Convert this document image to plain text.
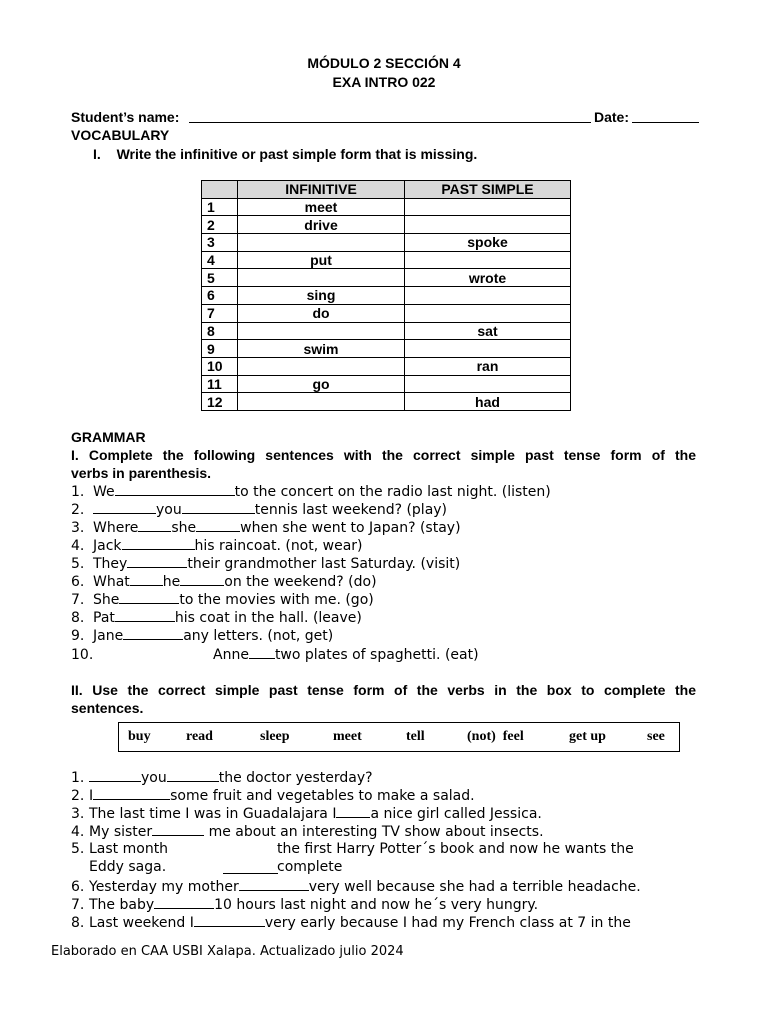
MÓDULO 2 SECCIÓN 4
EXA INTRO 022
Student’s name:	Date:
VOCABULARY
I. Write the infinitive or past simple form that is missing.
	INFINITIVE	PAST SIMPLE
1	meet	
2	drive	
3		spoke
4	put	
5		wrote
6	sing	
7	do	
8		sat
9	swim	
10		ran
11	go	
12		had
GRAMMAR
I. Complete the following sentences with the correct simple past tense form of the
verbs in parenthesis.
1. We	to the concert on the radio last night. (listen)
2.	you	tennis last weekend? (play)
3. Where she	when she went to Japan? (stay)
4. Jack	his raincoat. (not, wear)
5. They	their grandmother last Saturday. (visit)
6. What he	on the weekend? (do)
7. She	to the movies with me. (go)
8. Pat	his coat in the hall. (leave)
9. Jane	any letters. (not, get)
10.	Anne two plates of spaghetti. (eat)
II. Use the correct simple past tense form of the verbs in the box to complete the
sentences.
buy	read	sleep	meet	tell	(not)  feel	get up	see
1.	you	the doctor yesterday?
2. I	some fruit and vegetables to make a salad.
3. The last time I was in Guadalajara I a nice girl called Jessica.
4. My sister	me about an interesting TV show about insects.
5. Last month	the first Harry Potter´s book and now he wants the
Eddy saga.	complete
6. Yesterday my mother	very well because she had a terrible headache.
7. The baby	10 hours last night and now he´s very hungry.
8. Last weekend I	very early because I had my French class at 7 in the
Elaborado en CAA USBI Xalapa. Actualizado julio 2024
